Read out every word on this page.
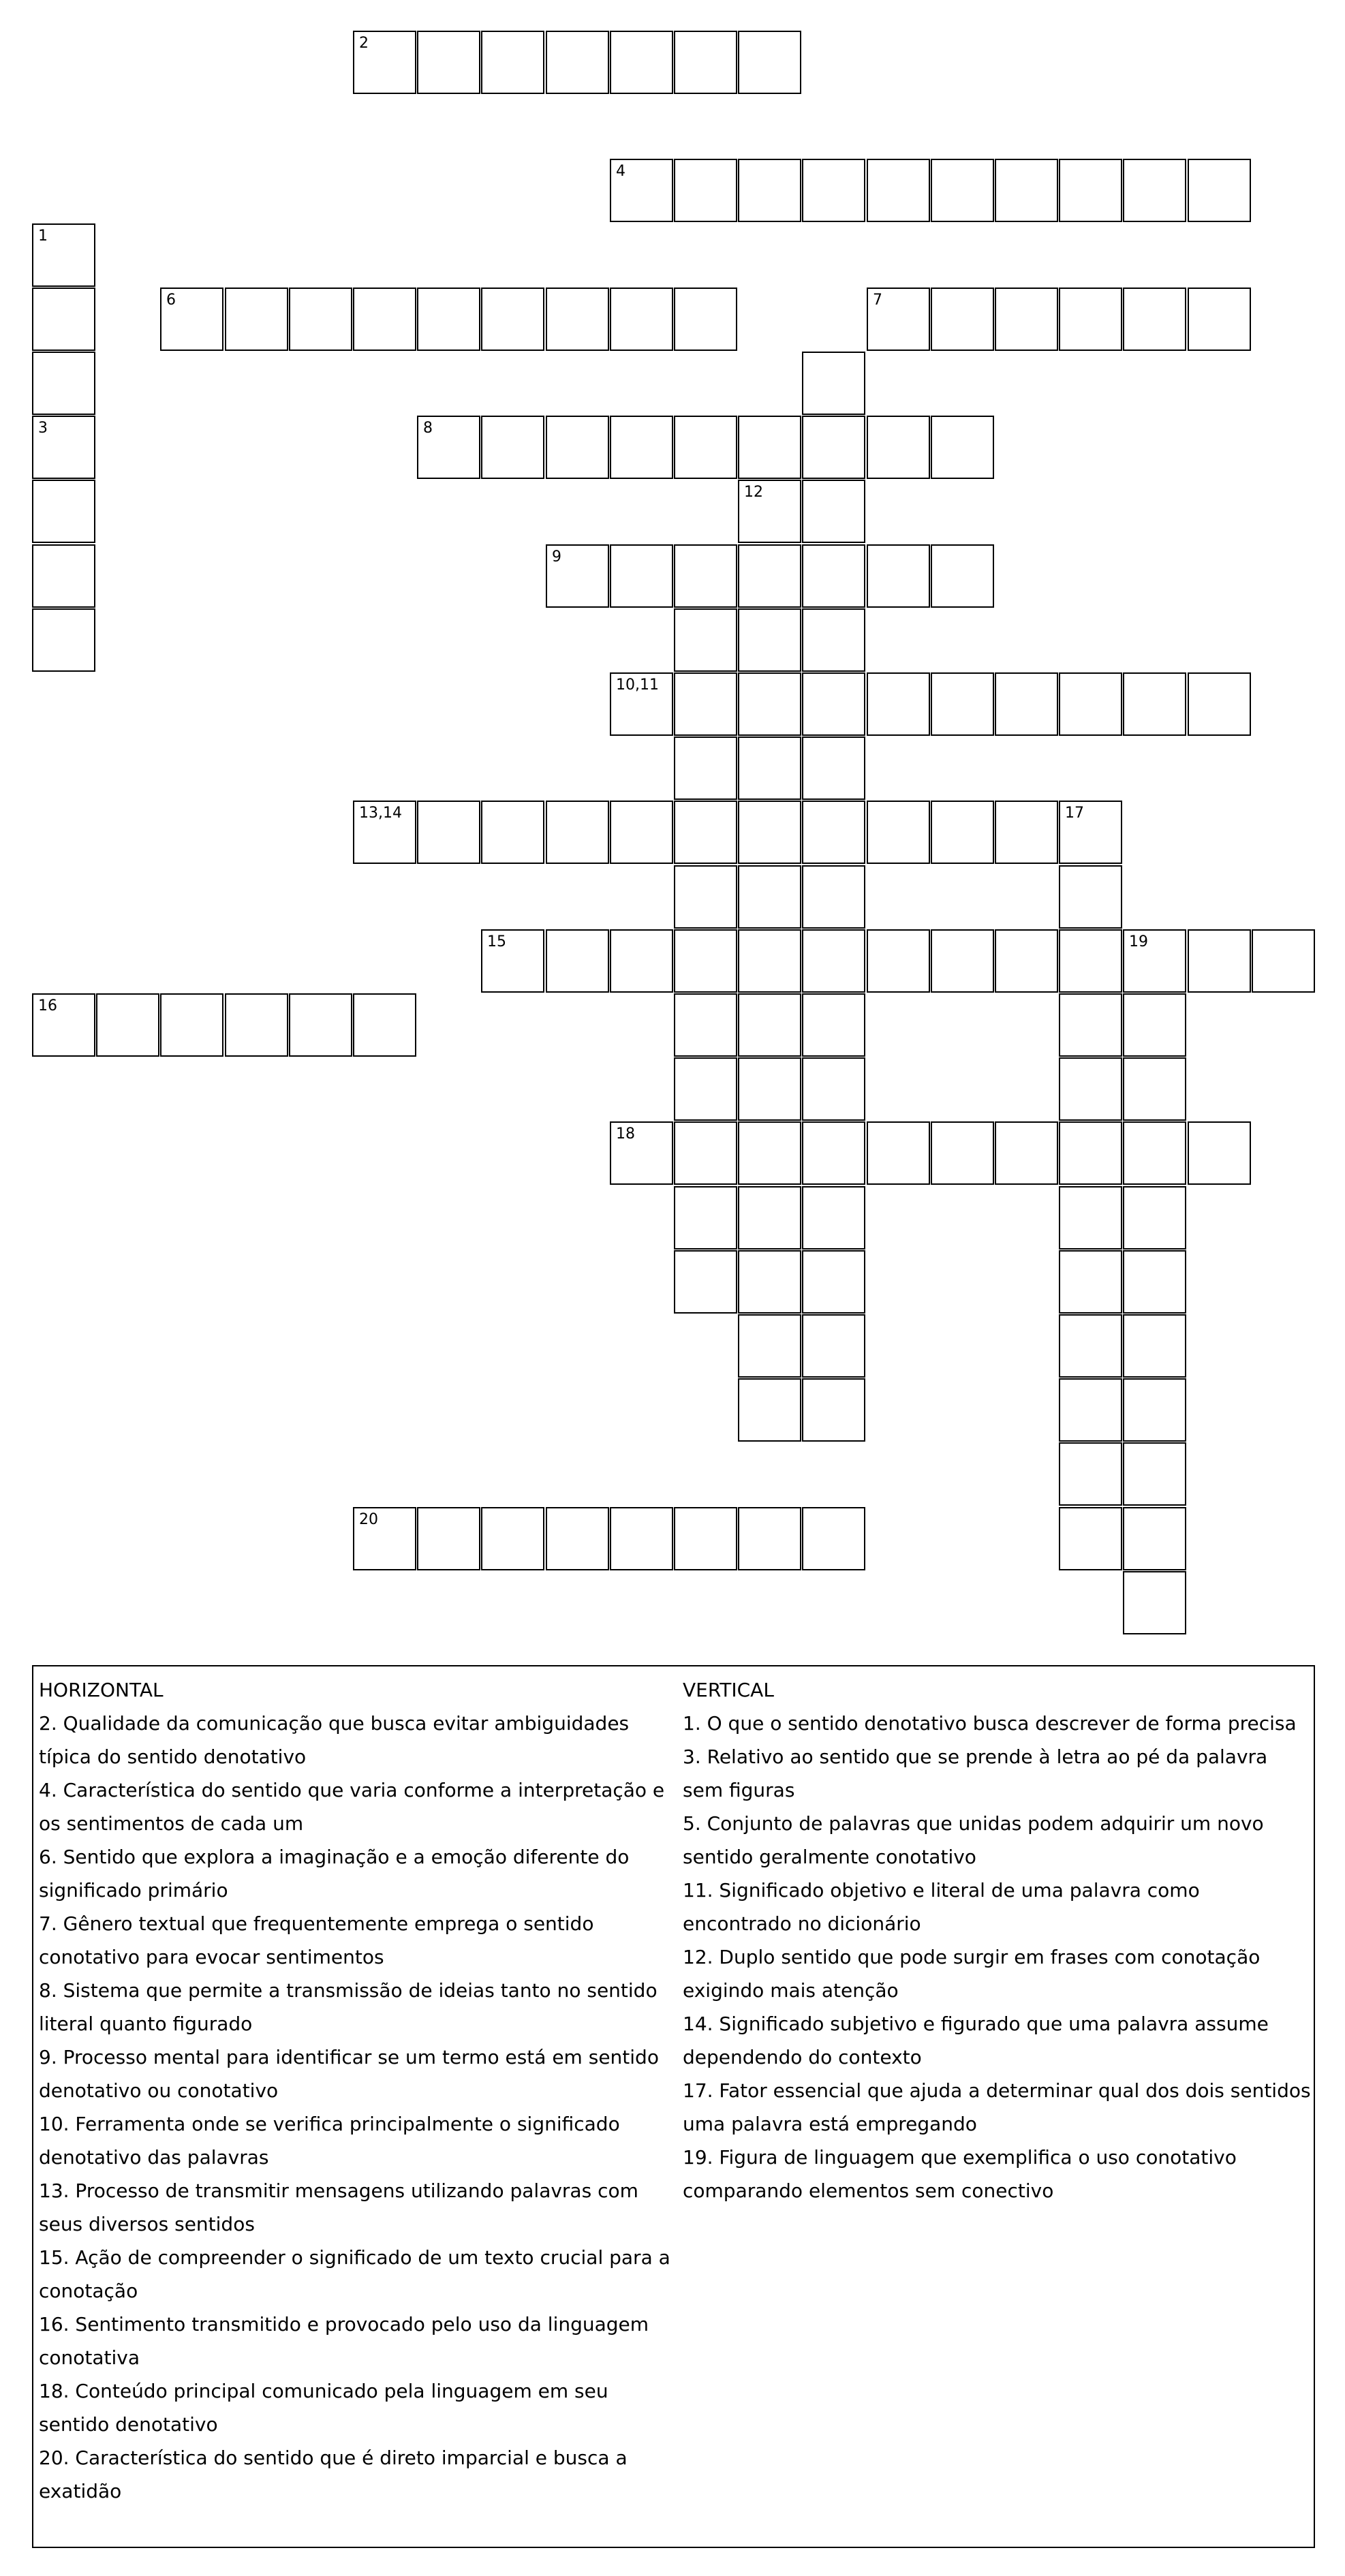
2
1
3
4
6	7
8
9
10,11
12
13,14
15	19
16
17
18
20

HORIZONTAL

2. Qualidade da comunicação que busca evitar ambiguidades típica do sentido denotativo

4. Característica do sentido que varia conforme a interpretação e os sentimentos de cada um

6. Sentido que explora a imaginação e a emoção diferente do significado primário

7. Gênero textual que frequentemente emprega o sentido conotativo para evocar sentimentos

8. Sistema que permite a transmissão de ideias tanto no sentido literal quanto figurado

9. Processo mental para identificar se um termo está em sentido denotativo ou conotativo

10. Ferramenta onde se verifica principalmente o significado denotativo das palavras

13. Processo de transmitir mensagens utilizando palavras com seus diversos sentidos

15. Ação de compreender o significado de um texto crucial para a conotação

16. Sentimento transmitido e provocado pelo uso da linguagem conotativa

18. Conteúdo principal comunicado pela linguagem em seu sentido denotativo

20. Característica do sentido que é direto imparcial e busca a exatidão

VERTICAL

1. O que o sentido denotativo busca descrever de forma precisa

3. Relativo ao sentido que se prende à letra ao pé da palavra sem figuras

5. Conjunto de palavras que unidas podem adquirir um novo sentido geralmente conotativo

11. Significado objetivo e literal de uma palavra como encontrado no dicionário

12. Duplo sentido que pode surgir em frases com conotação exigindo mais atenção

14. Significado subjetivo e figurado que uma palavra assume dependendo do contexto

17. Fator essencial que ajuda a determinar qual dos dois sentidos uma palavra está empregando

19. Figura de linguagem que exemplifica o uso conotativo comparando elementos sem conectivo
